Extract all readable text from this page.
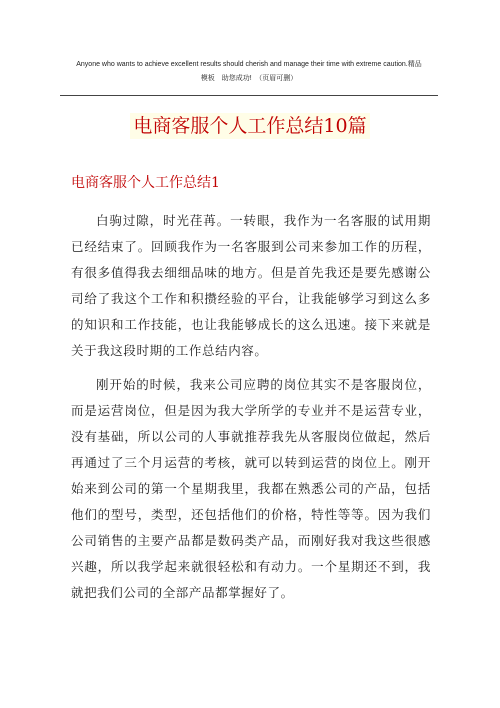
Anyone who wants to achieve excellent results should cherish and manage their time with extreme caution.精品
模板　助您成功!　（页眉可删）
电商客服个人工作总结10篇
电商客服个人工作总结1

白驹过隙，时光荏苒。一转眼，我作为一名客服的试用期已经结束了。回顾我作为一名客服到公司来参加工作的历程，有很多值得我去细细品味的地方。但是首先我还是要先感谢公司给了我这个工作和积攒经验的平台，让我能够学习到这么多的知识和工作技能，也让我能够成长的这么迅速。接下来就是关于我这段时期的工作总结内容。

刚开始的时候，我来公司应聘的岗位其实不是客服岗位，而是运营岗位，但是因为我大学所学的专业并不是运营专业，没有基础，所以公司的人事就推荐我先从客服岗位做起，然后再通过了三个月运营的考核，就可以转到运营的岗位上。刚开始来到公司的第一个星期我里，我都在熟悉公司的产品，包括他们的型号，类型，还包括他们的价格，特性等等。因为我们公司销售的主要产品都是数码类产品，而刚好我对我这些很感兴趣，所以我学起来就很轻松和有动力。一个星期还不到，我就把我们公司的全部产品都掌握好了。
